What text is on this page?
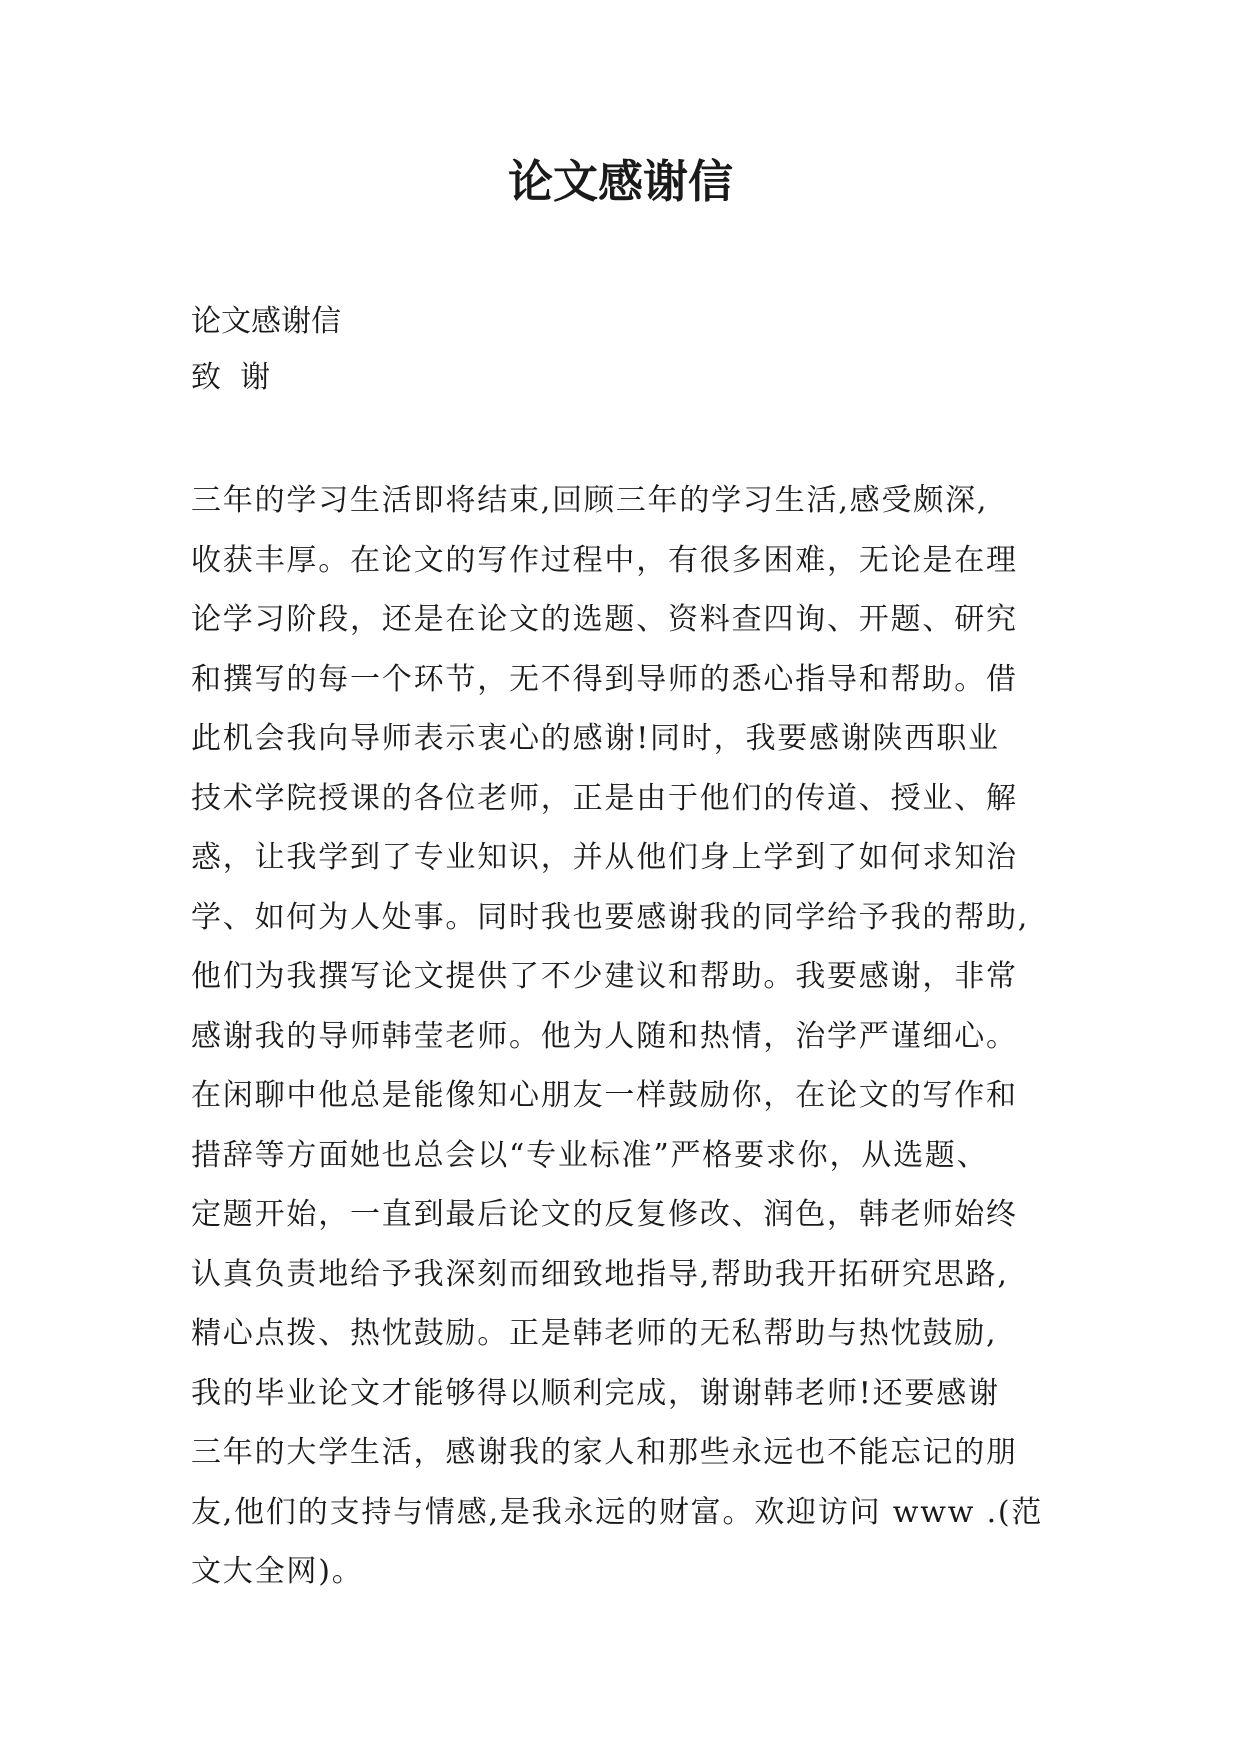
论文感谢信

论文感谢信

致  谢

三年的学习生活即将结束,回顾三年的学习生活,感受颇深,
收获丰厚。在论文的写作过程中，有很多困难，无论是在理
论学习阶段，还是在论文的选题、资料查四询、开题、研究
和撰写的每一个环节，无不得到导师的悉心指导和帮助。借
此机会我向导师表示衷心的感谢!同时，我要感谢陕西职业
技术学院授课的各位老师，正是由于他们的传道、授业、解
惑，让我学到了专业知识，并从他们身上学到了如何求知治
学、如何为人处事。同时我也要感谢我的同学给予我的帮助,
他们为我撰写论文提供了不少建议和帮助。我要感谢，非常
感谢我的导师韩莹老师。他为人随和热情，治学严谨细心。
在闲聊中他总是能像知心朋友一样鼓励你，在论文的写作和
措辞等方面她也总会以“专业标准”严格要求你，从选题、
定题开始，一直到最后论文的反复修改、润色，韩老师始终
认真负责地给予我深刻而细致地指导,帮助我开拓研究思路,
精心点拨、热忱鼓励。正是韩老师的无私帮助与热忱鼓励,
我的毕业论文才能够得以顺利完成，谢谢韩老师!还要感谢
三年的大学生活，感谢我的家人和那些永远也不能忘记的朋
友,他们的支持与情感,是我永远的财富。欢迎访问 www .(范
文大全网)。
